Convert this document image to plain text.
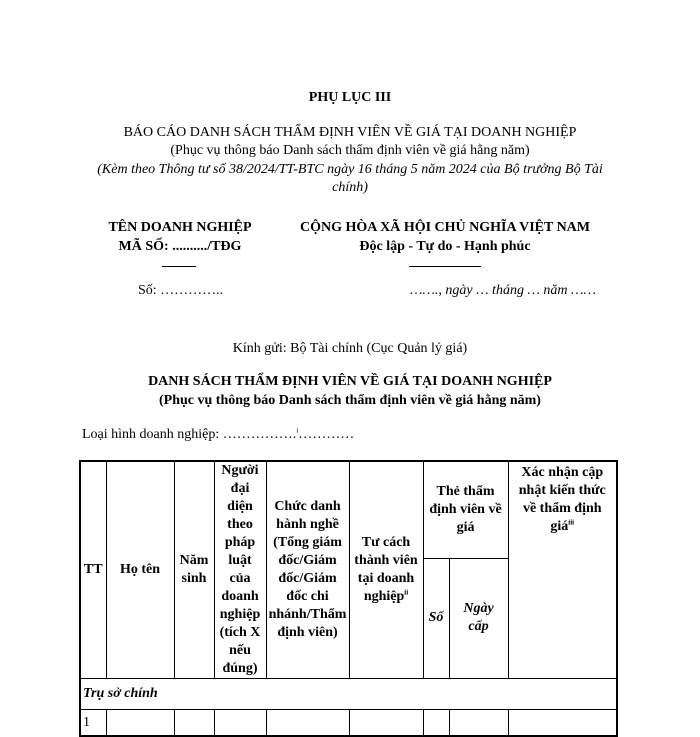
PHỤ LỤC III
BÁO CÁO DANH SÁCH THẨM ĐỊNH VIÊN VỀ GIÁ TẠI DOANH NGHIỆP
(Phục vụ thông báo Danh sách thẩm định viên về giá hằng năm)
(Kèm theo Thông tư số 38/2024/TT-BTC ngày 16 tháng 5 năm 2024 của Bộ trưởng Bộ Tài chính)
TÊN DOANH NGHIỆP
MÃ SỐ: ........../TĐG
CỘNG HÒA XÃ HỘI CHỦ NGHĨA VIỆT NAM
Độc lập - Tự do - Hạnh phúc
Số: …………..	……., ngày … tháng … năm ……
Kính gửi: Bộ Tài chính (Cục Quản lý giá)
DANH SÁCH THẨM ĐỊNH VIÊN VỀ GIÁ TẠI DOANH NGHIỆP
(Phục vụ thông báo Danh sách thẩm định viên về giá hằng năm)
Loại hình doanh nghiệp: …………….$^i$…………
TT	Họ tên	Năm sinh	Người đại diện theo pháp luật của doanh nghiệp (tích X nếu đúng)	Chức danh hành nghề (Tổng giám đốc/Giám đốc/Giám đốc chi nhánh/Thẩm định viên)	Tư cách thành viên tại doanh nghiệp$^{ii}$	Thẻ thẩm định viên về giá		Xác nhận cập nhật kiến thức về thẩm định giá$^{iii}$
						Số	Ngày cấp	
Trụ sở chính								
1								
